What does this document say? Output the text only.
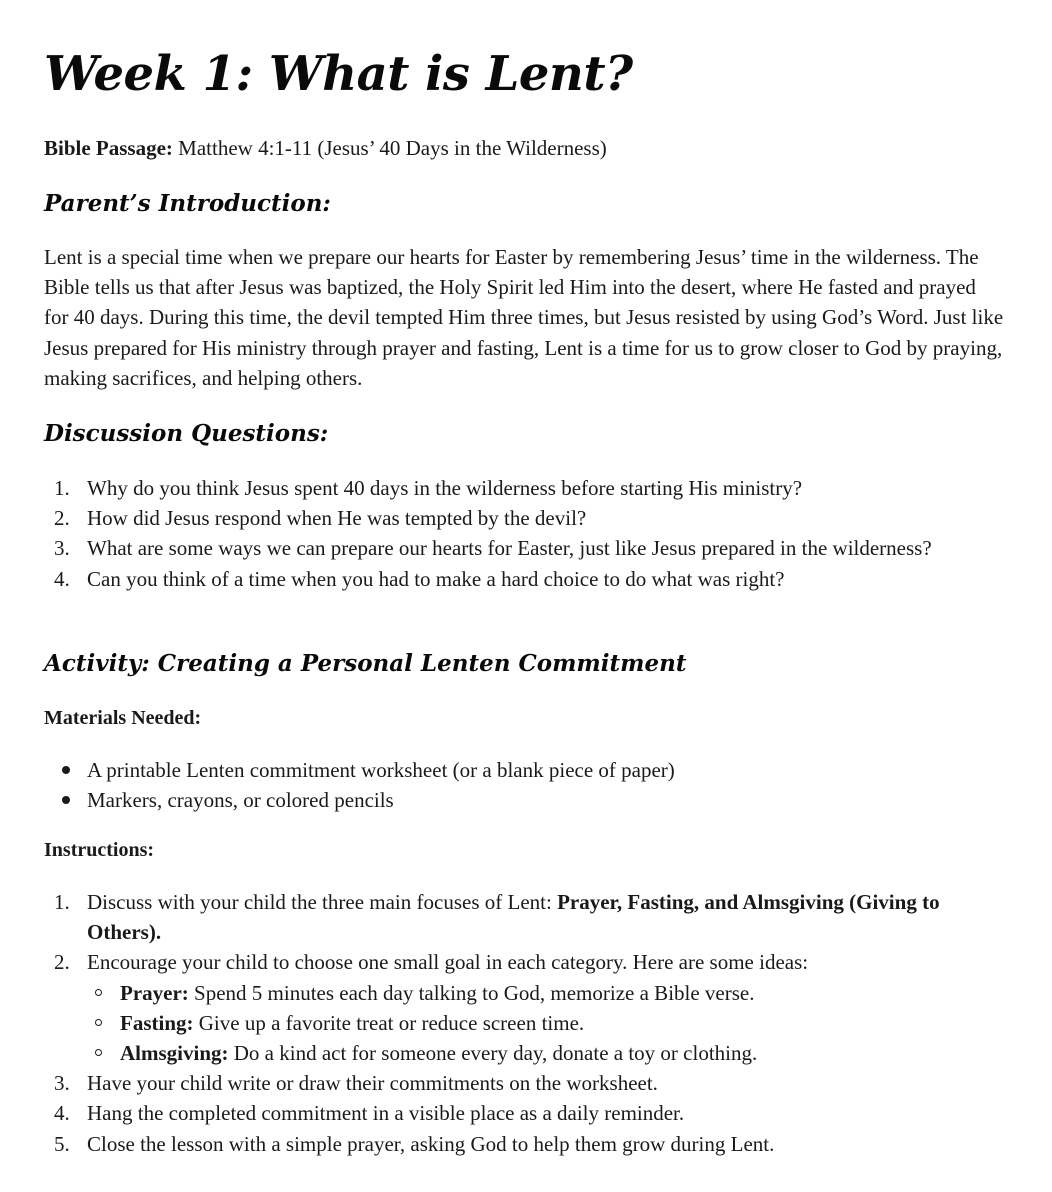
Week 1: What is Lent?
Bible Passage: Matthew 4:1-11 (Jesus’ 40 Days in the Wilderness)
Parent’s Introduction:

Lent is a special time when we prepare our hearts for Easter by remembering Jesus’ time in the wilderness. The Bible tells us that after Jesus was baptized, the Holy Spirit led Him into the desert, where He fasted and prayed for 40 days. During this time, the devil tempted Him three times, but Jesus resisted by using God’s Word. Just like Jesus prepared for His ministry through prayer and fasting, Lent is a time for us to grow closer to God by praying, making sacrifices, and helping others.

Discussion Questions:
1. Why do you think Jesus spent 40 days in the wilderness before starting His ministry?
2. How did Jesus respond when He was tempted by the devil?
3. What are some ways we can prepare our hearts for Easter, just like Jesus prepared in the wilderness?
4. Can you think of a time when you had to make a hard choice to do what was right?
Activity: Creating a Personal Lenten Commitment
Materials Needed:
A printable Lenten commitment worksheet (or a blank piece of paper)
Markers, crayons, or colored pencils
Instructions:
1. Discuss with your child the three main focuses of Lent: Prayer, Fasting, and Almsgiving (Giving to Others).
2. Encourage your child to choose one small goal in each category. Here are some ideas:
Prayer: Spend 5 minutes each day talking to God, memorize a Bible verse.
Fasting: Give up a favorite treat or reduce screen time.
Almsgiving: Do a kind act for someone every day, donate a toy or clothing.
3. Have your child write or draw their commitments on the worksheet.
4. Hang the completed commitment in a visible place as a daily reminder.
5. Close the lesson with a simple prayer, asking God to help them grow during Lent.
